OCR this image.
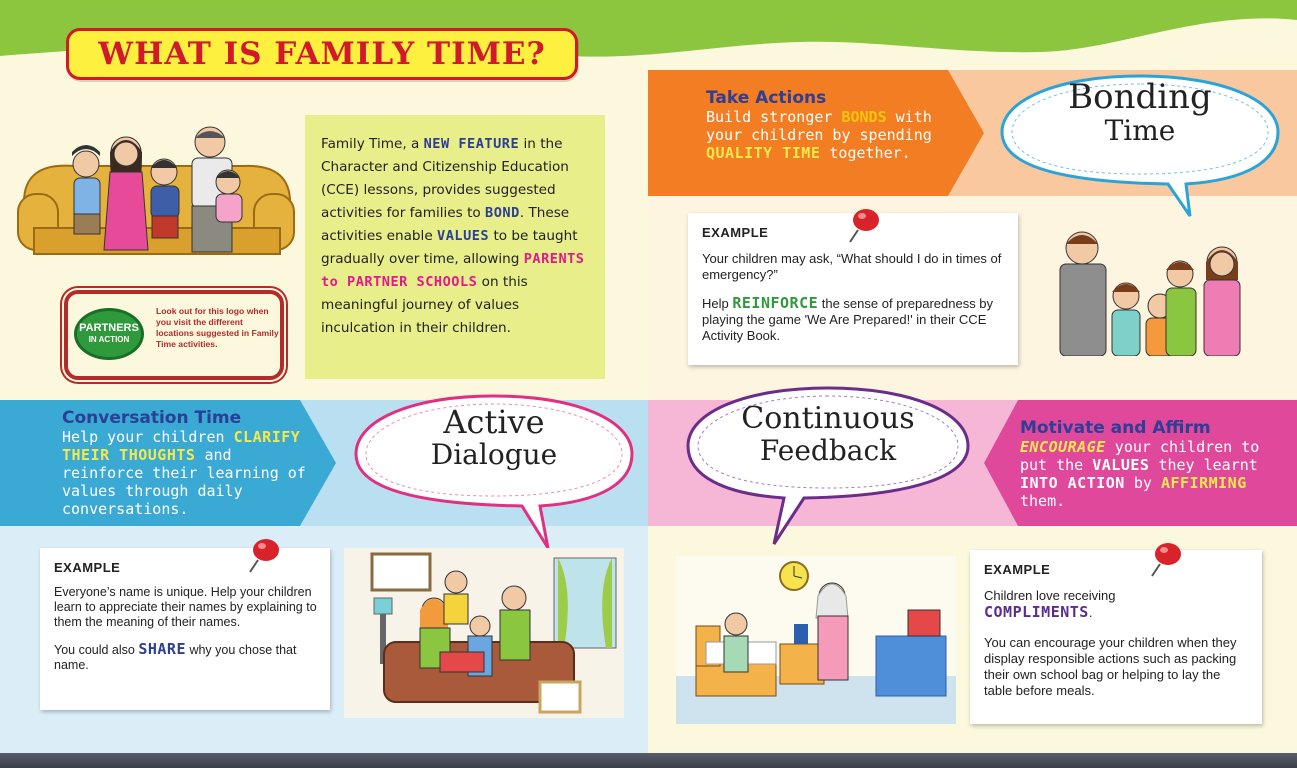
WHAT IS FAMILY TIME?
PARTNERS
IN ACTION
Look out for this logo when you visit the different locations suggested in Family Time activities.
Family Time, a NEW FEATURE in the Character and Citizenship Education (CCE) lessons, provides suggested activities for families to BOND. These activities enable VALUES to be taught gradually over time, allowing PARENTS to PARTNER SCHOOLS on this meaningful journey of values inculcation in their children.
Take Actions
Build stronger BONDS with your children by spending QUALITY TIME together.
Bonding
Time
EXAMPLE

Your children may ask, “What should I do in times of emergency?”

Help REINFORCE the sense of preparedness by playing the game 'We Are Prepared!' in their CCE Activity Book.

Conversation Time
Help your children CLARIFY THEIR THOUGHTS and reinforce their learning of values through daily conversations.
Active
Dialogue
EXAMPLE

Everyone’s name is unique. Help your children learn to appreciate their names by explaining to them the meaning of their names.

You could also SHARE why you chose that name.

Motivate and Affirm
ENCOURAGE your children to put the VALUES they learnt INTO ACTION by AFFIRMING them.
Continuous
Feedback
EXAMPLE

Children love receiving
COMPLIMENTS.

You can encourage your children when they display responsible actions such as packing their own school bag or helping to lay the table before meals.
